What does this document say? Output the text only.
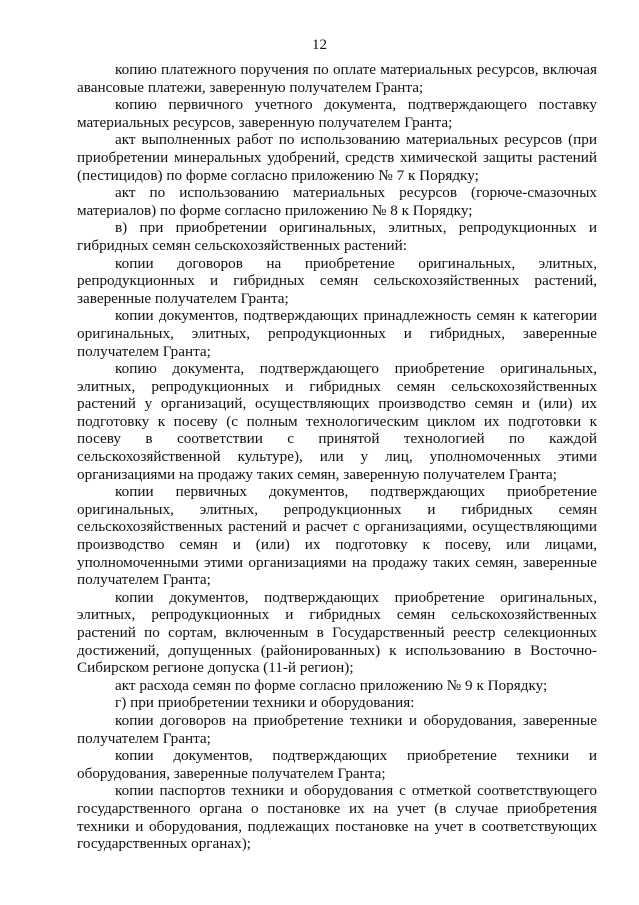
12

копию платежного поручения по оплате материальных ресурсов, включая авансовые платежи, заверенную получателем Гранта;

копию первичного учетного документа, подтверждающего поставку материальных ресурсов, заверенную получателем Гранта;

акт выполненных работ по использованию материальных ресурсов (при приобретении минеральных удобрений, средств химической защиты растений (пестицидов) по форме согласно приложению № 7 к Порядку;

акт по использованию материальных ресурсов (горюче-смазочных материалов) по форме согласно приложению № 8 к Порядку;

в) при приобретении оригинальных, элитных, репродукционных и гибридных семян сельскохозяйственных растений:

копии договоров на приобретение оригинальных, элитных, репродукционных и гибридных семян сельскохозяйственных растений, заверенные получателем Гранта;

копии документов, подтверждающих принадлежность семян к категории оригинальных, элитных, репродукционных и гибридных, заверенные получателем Гранта;

копию документа, подтверждающего приобретение оригинальных, элитных, репродукционных и гибридных семян сельскохозяйственных растений у организаций, осуществляющих производство семян и (или) их подготовку к посеву (с полным технологическим циклом их подготовки к посеву в соответствии с принятой технологией по каждой сельскохозяйственной культуре), или у лиц, уполномоченных этими организациями на продажу таких семян, заверенную получателем Гранта;

копии первичных документов, подтверждающих приобретение оригинальных, элитных, репродукционных и гибридных семян сельскохозяйственных растений и расчет с организациями, осуществляющими производство семян и (или) их подготовку к посеву, или лицами, уполномоченными этими организациями на продажу таких семян, заверенные получателем Гранта;

копии документов, подтверждающих приобретение оригинальных, элитных, репродукционных и гибридных семян сельскохозяйственных растений по сортам, включенным в Государственный реестр селекционных достижений, допущенных (районированных) к использованию в Восточно-Сибирском регионе допуска (11-й регион);

акт расхода семян по форме согласно приложению № 9 к Порядку;

г) при приобретении техники и оборудования:

копии договоров на приобретение техники и оборудования, заверенные получателем Гранта;

копии документов, подтверждающих приобретение техники и оборудования, заверенные получателем Гранта;

копии паспортов техники и оборудования с отметкой соответствующего государственного органа о постановке их на учет (в случае приобретения техники и оборудования, подлежащих постановке на учет в соответствующих государственных органах);
